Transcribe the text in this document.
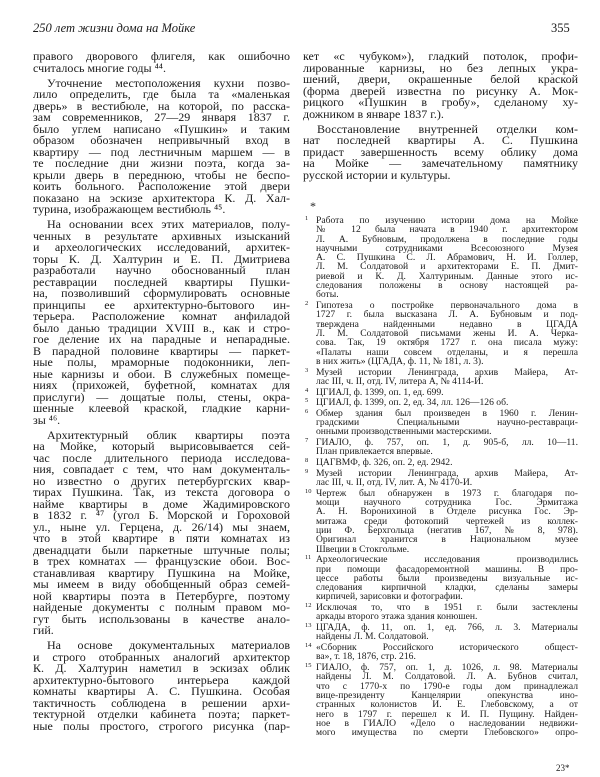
250 лет жизни дома на Мойке	355
правого дворового флигеля, как ошибочно
считалось многие годы ⁴⁴.
Уточнение местоположения кухни позво-
лило определить, где была та «маленькая
дверь» в вестибюле, на которой, по расска-
зам современников, 27—29 января 1837 г.
было углем написано «Пушкин» и таким
образом обозначен непривычный вход в
квартиру — под лестничным маршем — в
те последние дни жизни поэта, когда за-
крыли дверь в переднюю, чтобы не беспо-
коить больного. Расположение этой двери
показано на эскизе архитектора К. Д. Хал-
турина, изображающем вестибюль ⁴⁵.
На основании всех этих материалов, полу-
ченных в результате архивных изысканий
и археологических исследований, архитек-
торы К. Д. Халтурин и Е. П. Дмитриева
разработали научно обоснованный план
реставрации последней квартиры Пушки-
на, позволивший сформулировать основные
принципы ее архитектурно-бытового ин-
терьера. Расположение комнат анфиладой
было данью традиции XVIII в., как и стро-
гое деление их на парадные и непарадные.
В парадной половине квартиры — паркет-
ные полы, мраморные подоконники, леп-
ные карнизы и обои. В служебных помеще-
ниях (прихожей, буфетной, комнатах для
прислуги) — дощатые полы, стены, окра-
шенные клеевой краской, гладкие карни-
зы ⁴⁶.
Архитектурный облик квартиры поэта
на Мойке, который вырисовывается сей-
час после длительного периода исследова-
ния, совпадает с тем, что нам документаль-
но известно о других петербургских квар-
тирах Пушкина. Так, из текста договора о
найме квартиры в доме Жадимировского
в 1832 г. ⁴⁷ (угол Б. Морской и Гороховой
ул., ныне ул. Герцена, д. 26/14) мы знаем,
что в этой квартире в пяти комнатах из
двенадцати были паркетные штучные полы;
в трех комнатах — французские обои. Вос-
станавливая квартиру Пушкина на Мойке,
мы имеем в виду обобщенный образ семей-
ной квартиры поэта в Петербурге, поэтому
найденые документы с полным правом мо-
гут быть использованы в качестве анало-
гий.
На основе документальных материалов
и строго отобранных аналогий архитектор
К. Д. Халтурин наметил в эскизах облик
архитектурно-бытового интерьера каждой
комнаты квартиры А. С. Пушкина. Особая
тактичность соблюдена в решении архи-
тектурной отделки кабинета поэта; паркет-
ные полы простого, строгого рисунка (пар-
кет «с чубуком»), гладкий потолок, профи-
лированные карнизы, но без лепных укра-
шений, двери, окрашенные белой краской
(форма дверей известна по рисунку А. Мок-
рицкого «Пушкин в гробу», сделаному ху-
дожником в январе 1837 г.).
Восстановление внутренней отделки ком-
нат последней квартиры А. С. Пушкина
придаст завершенность всему облику дома
на Мойке — замечательному памятнику
русской истории и культуры.
*
1 Работа по изучению истории дома на Мойке
№ 12 была начата в 1940 г. архитектором
Л. А. Бубновым, продолжена в последние годы
научными сотрудниками Всесоюзного Музея
А. С. Пушкина С. Л. Абрамович, Н. И. Голлер,
Л. М. Солдатовой и архитекторами Е. П. Дмит-
риевой и К. Д. Халтуриным. Данные этого ис-
следования положены в основу настоящей ра-
боты.
2 Гипотеза о постройке первоначального дома в
1727 г. была высказана Л. А. Бубновым и под-
тверждена найденными недавно в ЦГАДА
Л. М. Солдатовой письмами жены И. А. Черка-
сова. Так, 19 октября 1727 г. она писала мужу:
«Палаты наши совсем отделаны, и я перешла
в них жить» (ЦГАДА, ф. 11, № 181, л. 3).
3 Музей истории Ленинграда, архив Майера, Ат-
лас III, ч. II, отд. IV, литера А, № 4114-И.
4 ЦГИАЛ, ф. 1399, оп. 1, ед. 699.
5 ЦГИАЛ, ф. 1399, оп. 2, ед. 34, лл. 126—126 об.
6 Обмер здания был произведен в 1960 г. Ленин-
градскими Специальными научно-реставраци-
онными производственными мастерскими.
7 ГИАЛО, ф. 757, оп. 1, д. 905-б, лл. 10—11.
План привлекается впервые.
8 ЦАГВМФ, ф. 326, оп. 2, ед. 2942.
9 Музей истории Ленинграда, архив Майера, Ат-
лас III, ч. II, отд. IV, лит. А, № 4170-И.
10 Чертеж был обнаружен в 1973 г. благодаря по-
мощи научного сотрудника Гос. Эрмитажа
А. Н. Воронихиной в Отделе рисунка Гос. Эр-
митажа среди фотокопий чертежей из коллек-
ции Ф. Берхгольца (негатив 167, № 8, 978).
Оригинал хранится в Национальном музее
Швеции в Стокгольме.
11 Археологические исследования производились
при помощи фасадоремонтной машины. В про-
цессе работы были произведены визуальные ис-
следования кирпичной кладки, сделаны замеры
кирпичей, зарисовки и фотографии.
12 Исключая то, что в 1951 г. были застеклены
аркады второго этажа здания конюшен.
13 ЦГАДА, ф. 11, оп. 1, ед. 766, л. 3. Материалы
найдены Л. М. Солдатовой.
14 «Сборник Российского исторического общест-
ва», т. 18, 1876, стр. 216.
15 ГИАЛО, ф. 757, оп. 1, д. 1026, л. 98. Материалы
найдены Л. М. Солдатовой. Л. А. Бубнов считал,
что с 1770-х по 1790-е годы дом принадлежал
вице-президенту Канцелярии опекунства ино-
странных колонистов И. Е. Глебовскому, а от
него в 1797 г. перешел к И. П. Пущину. Найден-
ное в ГИАЛО «Дело о наследовании недвижи-
мого имущества по смерти Глебовского» опро-
23*
